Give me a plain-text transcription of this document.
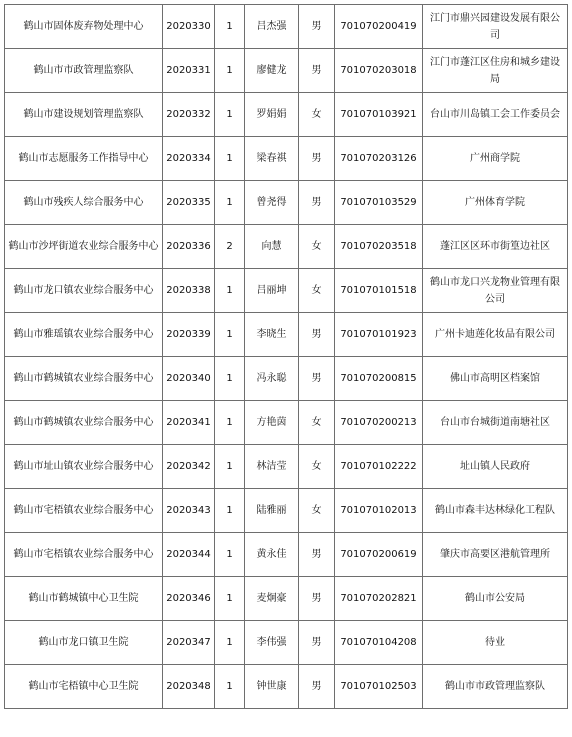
鹤山市固体废弃物处理中心	2020330	1	吕杰强	男	701070200419	江门市鼎兴园建设发展有限公司
鹤山市市政管理监察队	2020331	1	廖健龙	男	701070203018	江门市蓬江区住房和城乡建设局
鹤山市建设规划管理监察队	2020332	1	罗娟娟	女	701070103921	台山市川岛镇工会工作委员会
鹤山市志愿服务工作指导中心	2020334	1	梁春祺	男	701070203126	广州商学院
鹤山市残疾人综合服务中心	2020335	1	曾尧得	男	701070103529	广州体育学院
鹤山市沙坪街道农业综合服务中心	2020336	2	向慧	女	701070203518	蓬江区区环市街篁边社区
鹤山市龙口镇农业综合服务中心	2020338	1	吕丽坤	女	701070101518	鹤山市龙口兴龙物业管理有限公司
鹤山市雅瑶镇农业综合服务中心	2020339	1	李晓生	男	701070101923	广州卡迪莲化妆品有限公司
鹤山市鹤城镇农业综合服务中心	2020340	1	冯永聪	男	701070200815	佛山市高明区档案馆
鹤山市鹤城镇农业综合服务中心	2020341	1	方艳茵	女	701070200213	台山市台城街道南塘社区
鹤山市址山镇农业综合服务中心	2020342	1	林洁莹	女	701070102222	址山镇人民政府
鹤山市宅梧镇农业综合服务中心	2020343	1	陆雅丽	女	701070102013	鹤山市森丰达林绿化工程队
鹤山市宅梧镇农业综合服务中心	2020344	1	黄永佳	男	701070200619	肇庆市高要区港航管理所
鹤山市鹤城镇中心卫生院	2020346	1	麦炯豪	男	701070202821	鹤山市公安局
鹤山市龙口镇卫生院	2020347	1	李伟强	男	701070104208	待业
鹤山市宅梧镇中心卫生院	2020348	1	钟世康	男	701070102503	鹤山市市政管理监察队
